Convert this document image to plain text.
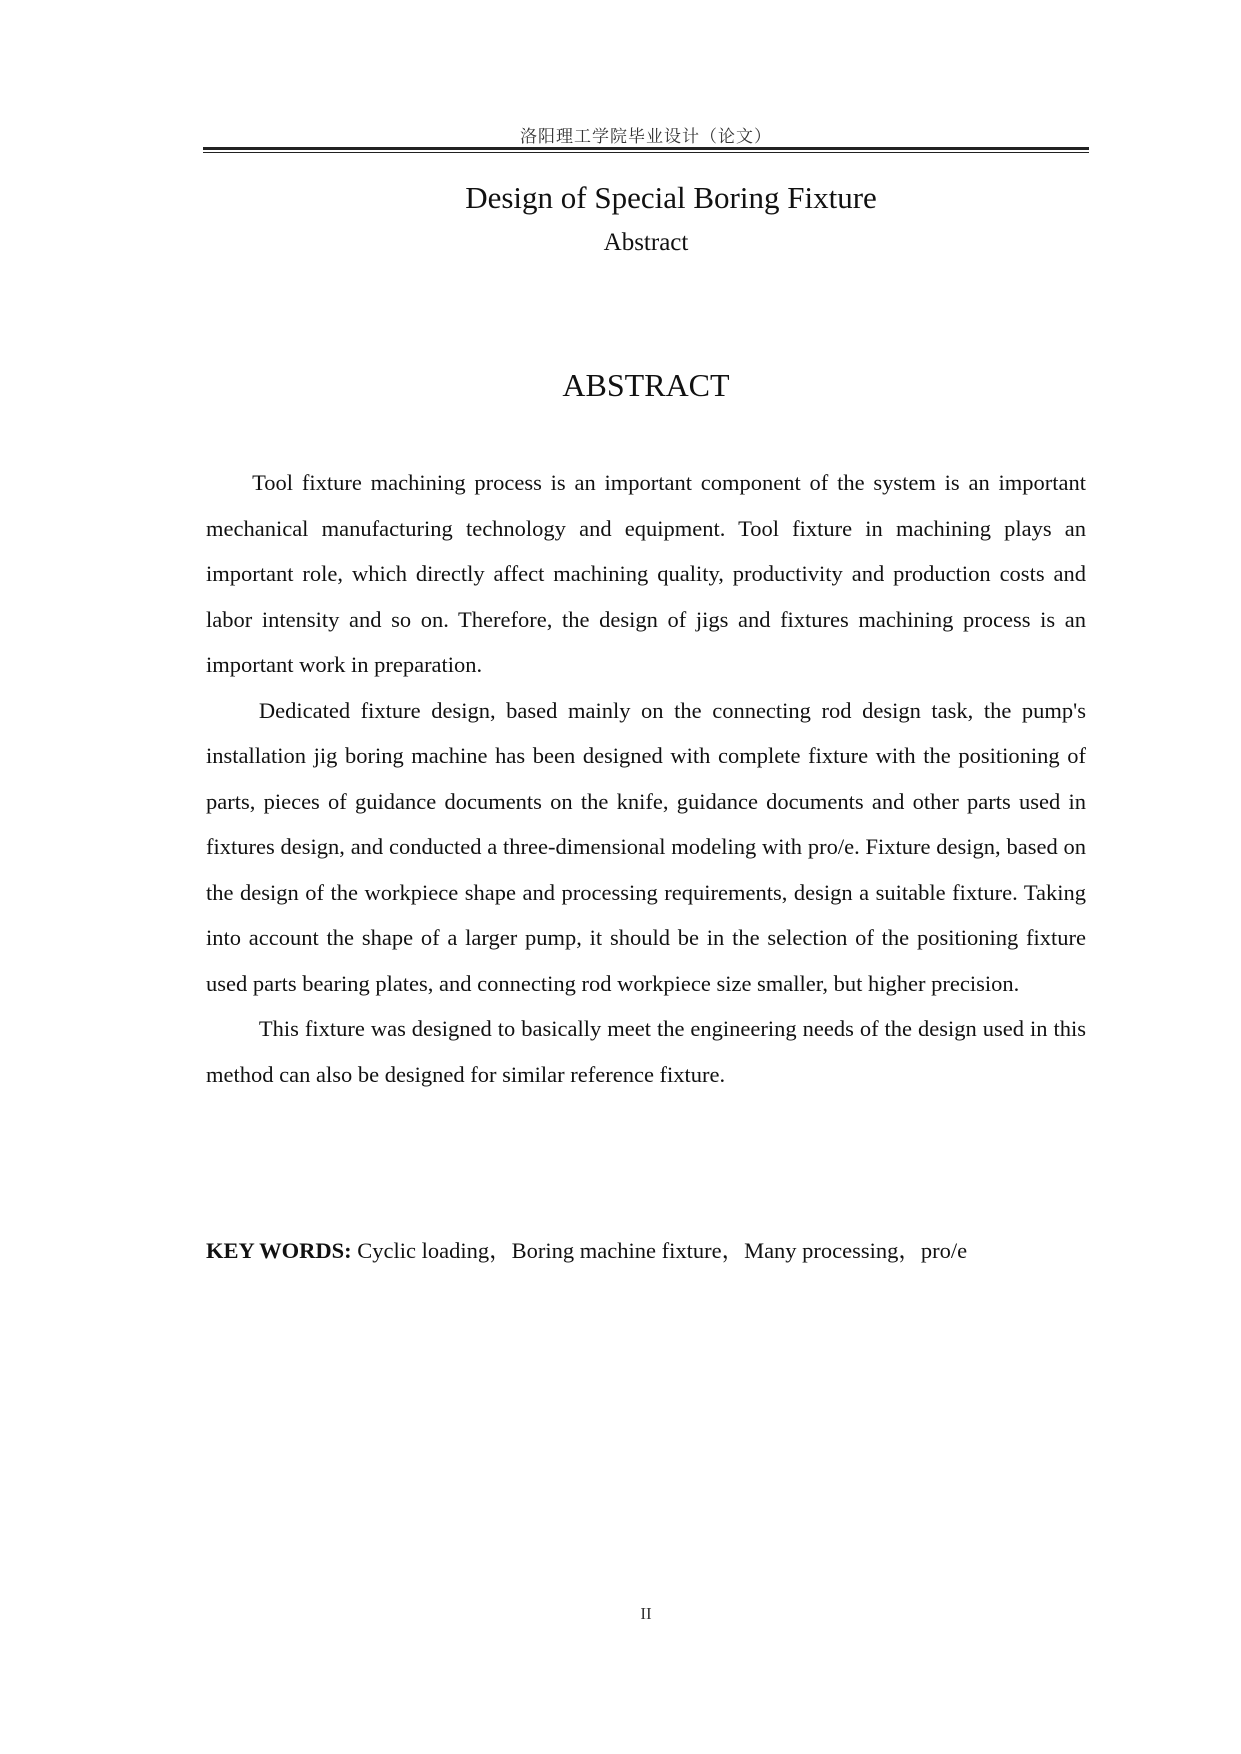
洛阳理工学院毕业设计（论文）
Design of Special Boring Fixture
Abstract
ABSTRACT

Tool fixture machining process is an important component of the system is an important mechanical manufacturing technology and equipment. Tool fixture in machining plays an important role, which directly affect machining quality, productivity and production costs and labor intensity and so on. Therefore, the design of jigs and fixtures machining process is an important work in preparation.

Dedicated fixture design, based mainly on the connecting rod design task, the pump's installation jig boring machine has been designed with complete fixture with the positioning of parts, pieces of guidance documents on the knife, guidance documents and other parts used in fixtures design, and conducted a three-dimensional modeling with pro/e. Fixture design, based on the design of the workpiece shape and processing requirements, design a suitable fixture. Taking into account the shape of a larger pump, it should be in the selection of the positioning fixture used parts bearing plates, and connecting rod workpiece size smaller, but higher precision.

This fixture was designed to basically meet the engineering needs of the design used in this method can also be designed for similar reference fixture.

KEY WORDS: Cyclic loading，Boring machine fixture，Many processing，pro/e
II
